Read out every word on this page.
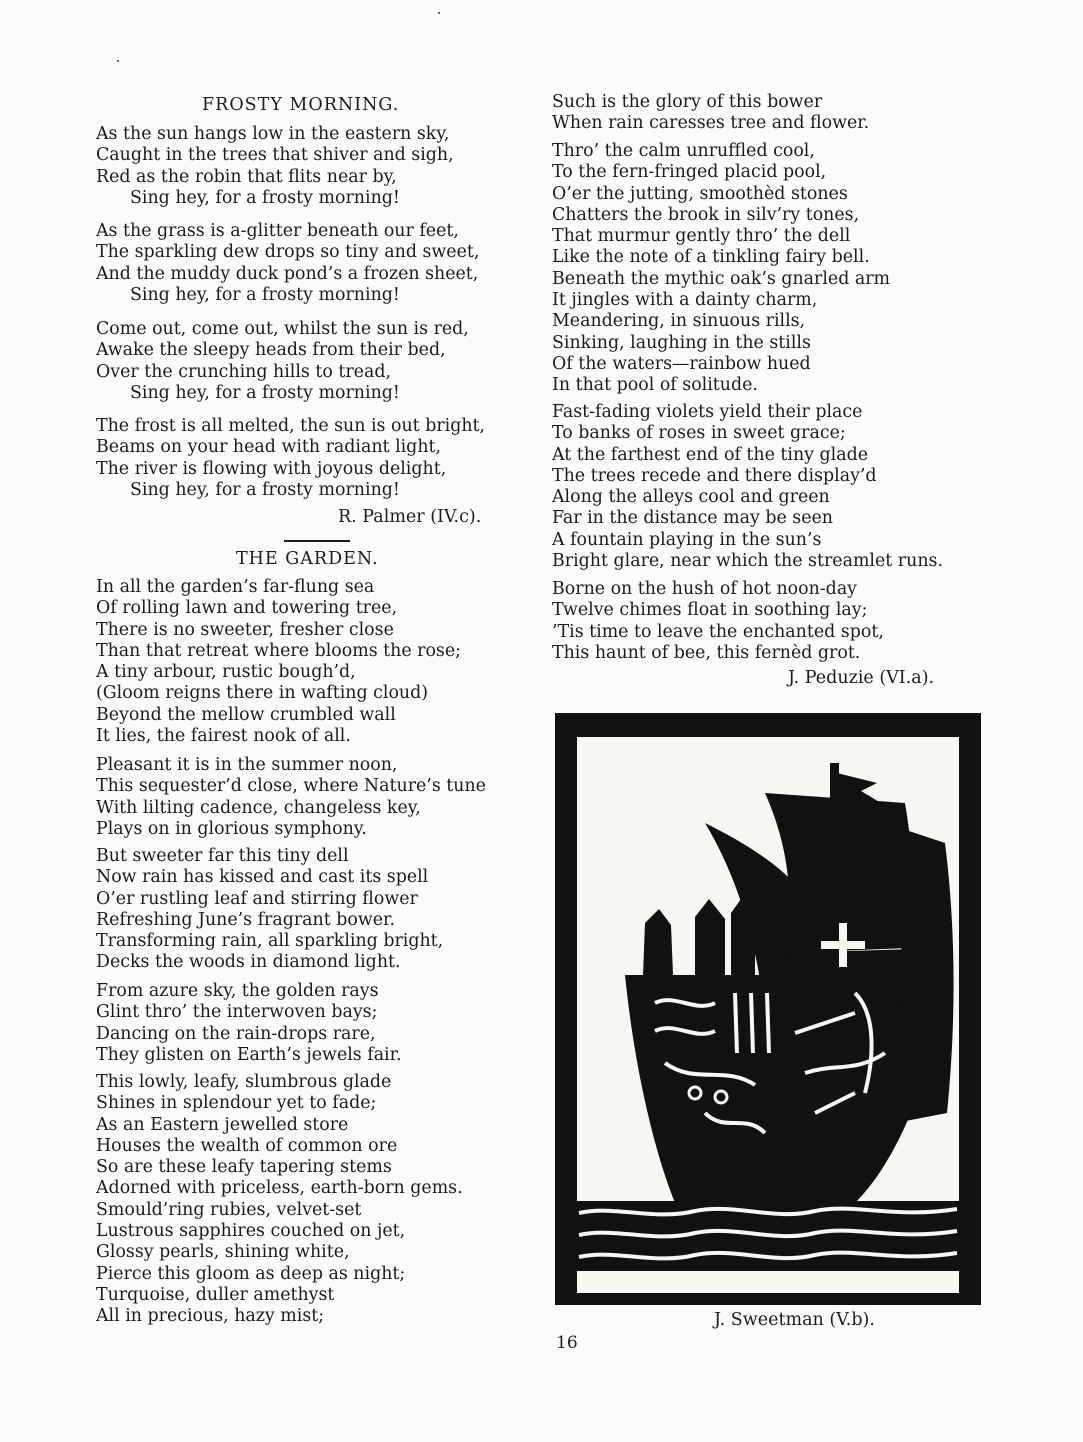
FROSTY MORNING.
As the sun hangs low in the eastern sky,
Caught in the trees that shiver and sigh,
Red as the robin that flits near by,
Sing hey, for a frosty morning!
As the grass is a-glitter beneath our feet,
The sparkling dew drops so tiny and sweet,
And the muddy duck pond’s a frozen sheet,
Sing hey, for a frosty morning!
Come out, come out, whilst the sun is red,
Awake the sleepy heads from their bed,
Over the crunching hills to tread,
Sing hey, for a frosty morning!
The frost is all melted, the sun is out bright,
Beams on your head with radiant light,
The river is flowing with joyous delight,
Sing hey, for a frosty morning!
R. Palmer (IV.c).
THE GARDEN.
In all the garden’s far-flung sea
Of rolling lawn and towering tree,
There is no sweeter, fresher close
Than that retreat where blooms the rose;
A tiny arbour, rustic bough’d,
(Gloom reigns there in wafting cloud)
Beyond the mellow crumbled wall
It lies, the fairest nook of all.
Pleasant it is in the summer noon,
This sequester’d close, where Nature’s tune
With lilting cadence, changeless key,
Plays on in glorious symphony.
But sweeter far this tiny dell
Now rain has kissed and cast its spell
O’er rustling leaf and stirring flower
Refreshing June’s fragrant bower.
Transforming rain, all sparkling bright,
Decks the woods in diamond light.
From azure sky, the golden rays
Glint thro’ the interwoven bays;
Dancing on the rain-drops rare,
They glisten on Earth’s jewels fair.
This lowly, leafy, slumbrous glade
Shines in splendour yet to fade;
As an Eastern jewelled store
Houses the wealth of common ore
So are these leafy tapering stems
Adorned with priceless, earth-born gems.
Smould’ring rubies, velvet-set
Lustrous sapphires couched on jet,
Glossy pearls, shining white,
Pierce this gloom as deep as night;
Turquoise, duller amethyst
All in precious, hazy mist;
Such is the glory of this bower
When rain caresses tree and flower.
Thro’ the calm unruffled cool,
To the fern-fringed placid pool,
O’er the jutting, smoothèd stones
Chatters the brook in silv’ry tones,
That murmur gently thro’ the dell
Like the note of a tinkling fairy bell.
Beneath the mythic oak’s gnarled arm
It jingles with a dainty charm,
Meandering, in sinuous rills,
Sinking, laughing in the stills
Of the waters—rainbow hued
In that pool of solitude.
Fast-fading violets yield their place
To banks of roses in sweet grace;
At the farthest end of the tiny glade
The trees recede and there display’d
Along the alleys cool and green
Far in the distance may be seen
A fountain playing in the sun’s
Bright glare, near which the streamlet runs.
Borne on the hush of hot noon-day
Twelve chimes float in soothing lay;
’Tis time to leave the enchanted spot,
This haunt of bee, this fernèd grot.
J. Peduzie (VI.a).
J. Sweetman (V.b).
16
